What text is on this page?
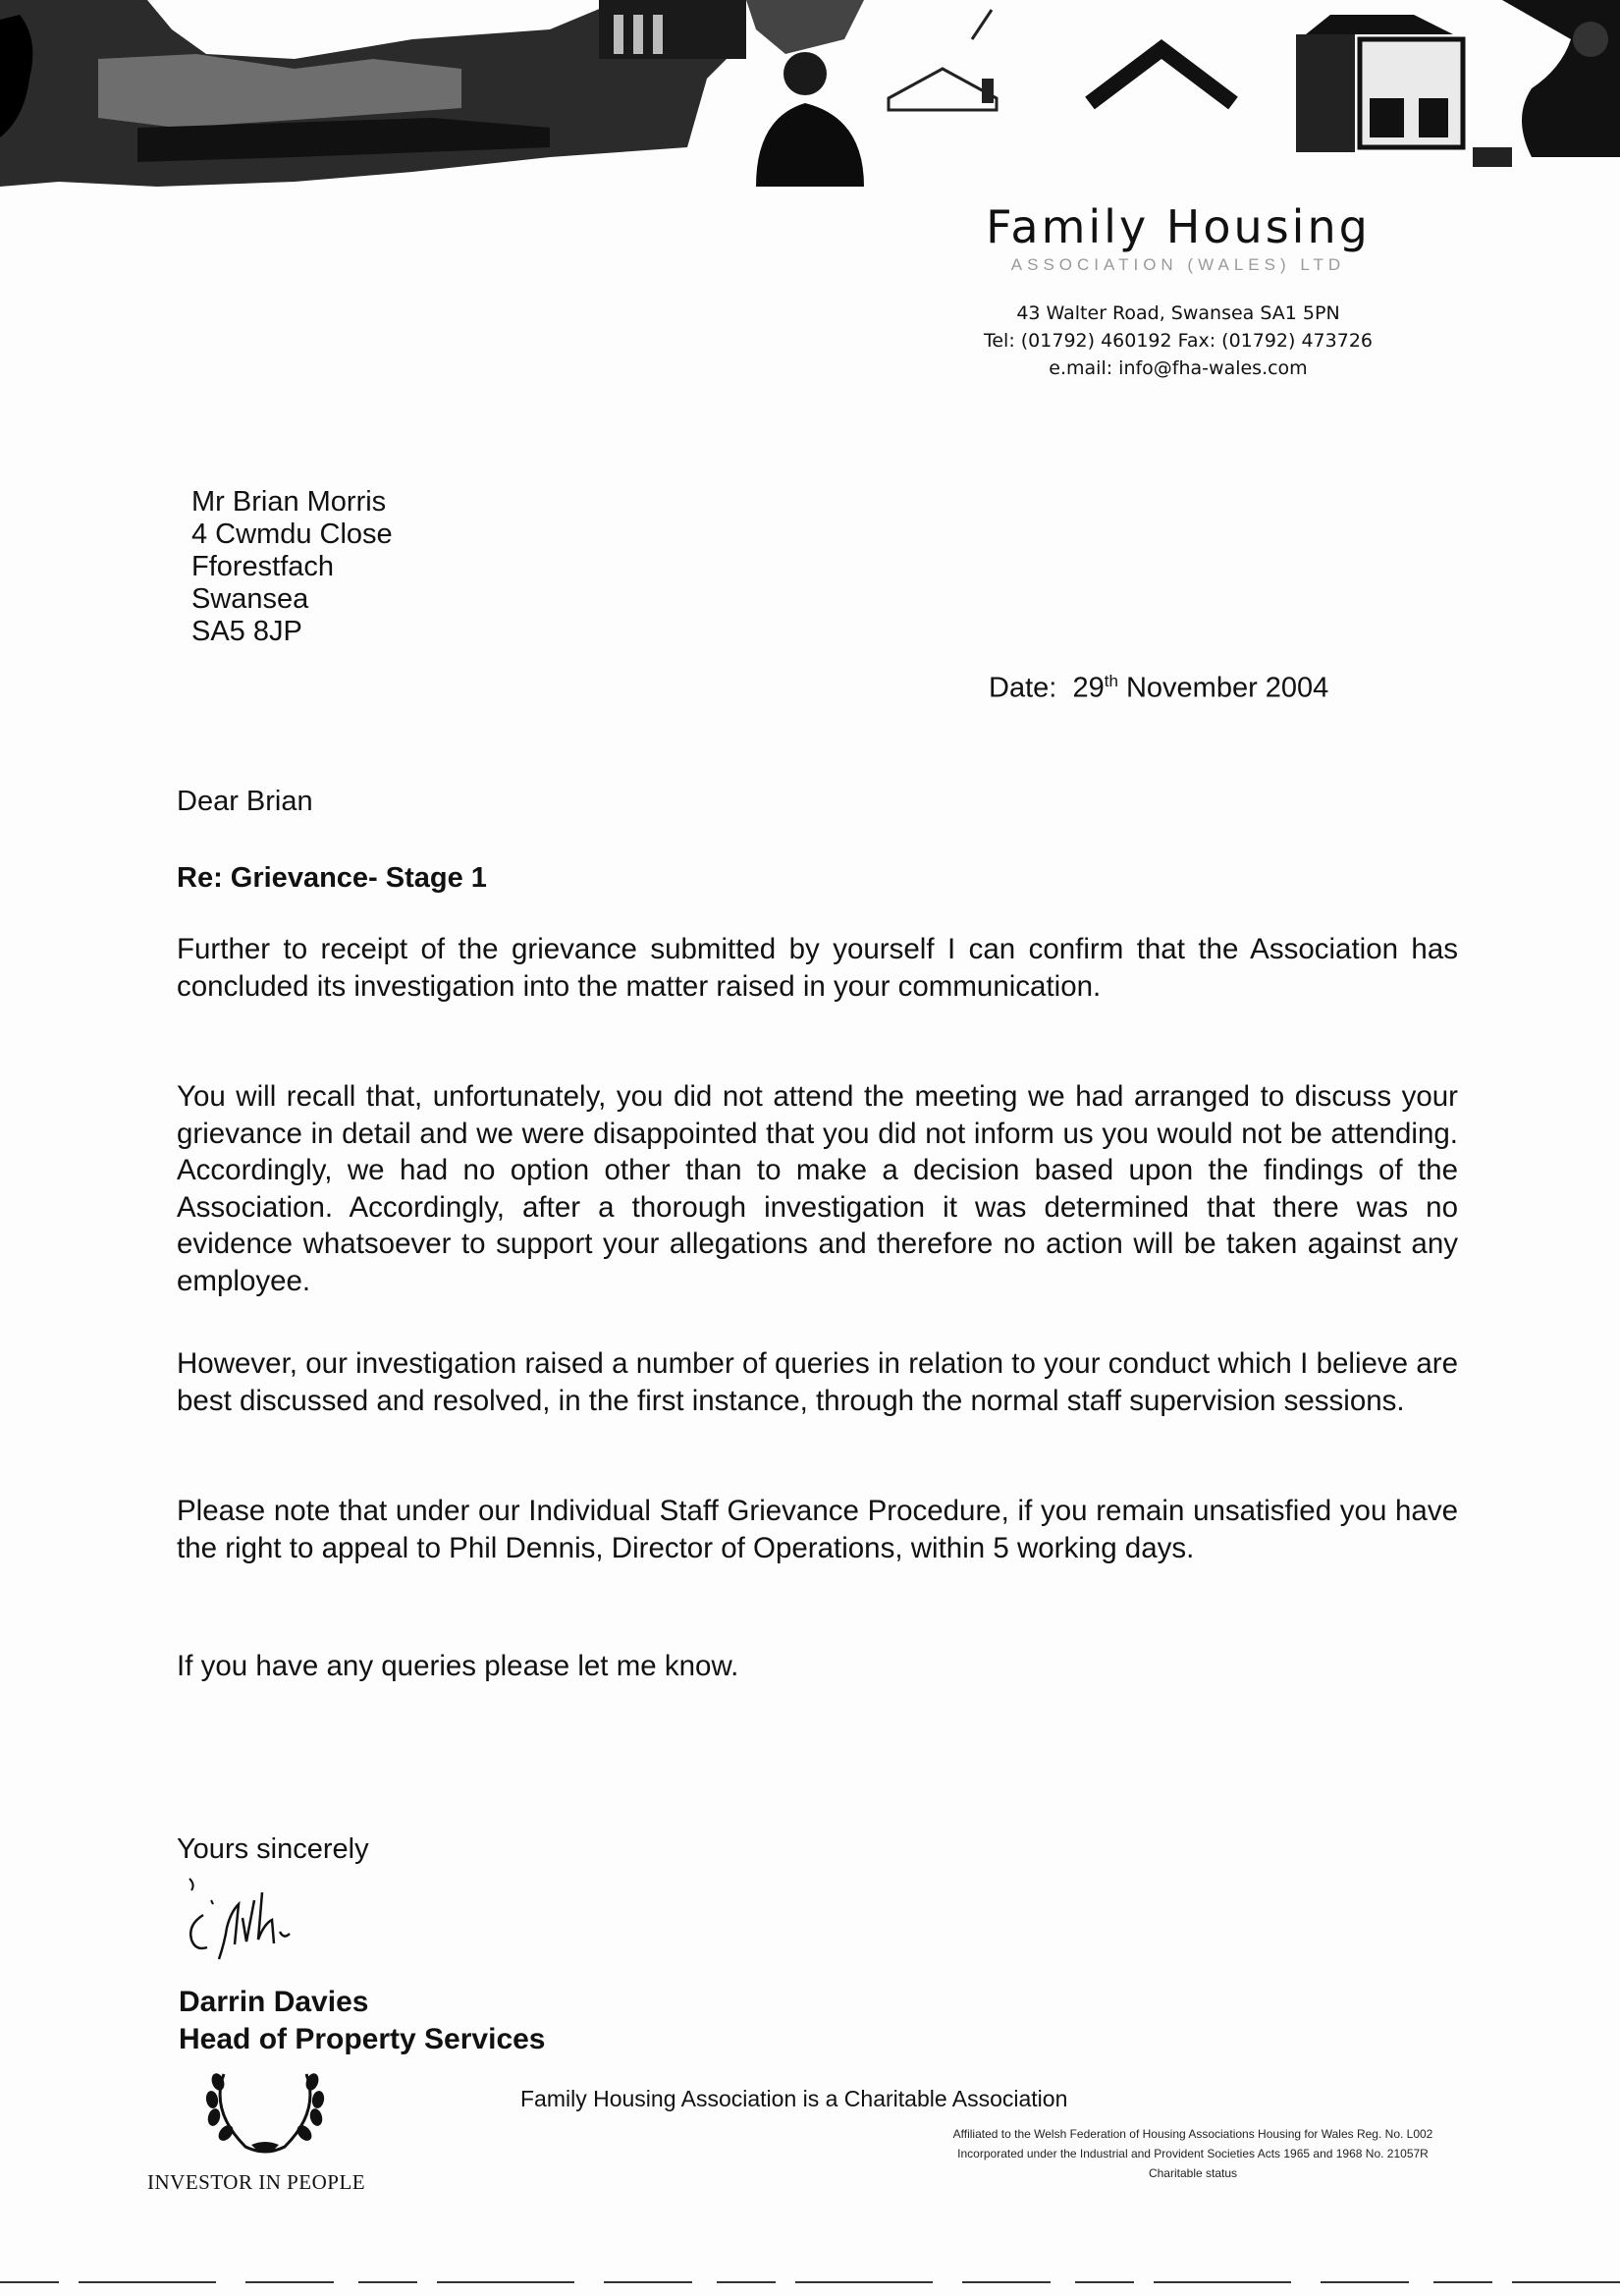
Family Housing
ASSOCIATION (WALES) LTD
43 Walter Road, Swansea SA1 5PN
Tel: (01792) 460192 Fax: (01792) 473726
e.mail: info@fha-wales.com
Mr Brian Morris
4 Cwmdu Close
Fforestfach
Swansea
SA5 8JP
Date: 29th November 2004
Dear Brian
Re: Grievance- Stage 1
Further to receipt of the grievance submitted by yourself I can confirm that the Association has concluded its investigation into the matter raised in your communication.
You will recall that, unfortunately, you did not attend the meeting we had arranged to discuss your grievance in detail and we were disappointed that you did not inform us you would not be attending. Accordingly, we had no option other than to make a decision based upon the findings of the Association. Accordingly, after a thorough investigation it was determined that there was no evidence whatsoever to support your allegations and therefore no action will be taken against any employee.
However, our investigation raised a number of queries in relation to your conduct which I believe are best discussed and resolved, in the first instance, through the normal staff supervision sessions.
Please note that under our Individual Staff Grievance Procedure, if you remain unsatisfied you have the right to appeal to Phil Dennis, Director of Operations, within 5 working days.
If you have any queries please let me know.
Yours sincerely
Darrin Davies
Head of Property Services
INVESTOR IN PEOPLE
Family Housing Association is a Charitable Association
Affiliated to the Welsh Federation of Housing Associations Housing for Wales Reg. No. L002
Incorporated under the Industrial and Provident Societies Acts 1965 and 1968 No. 21057R
Charitable status
